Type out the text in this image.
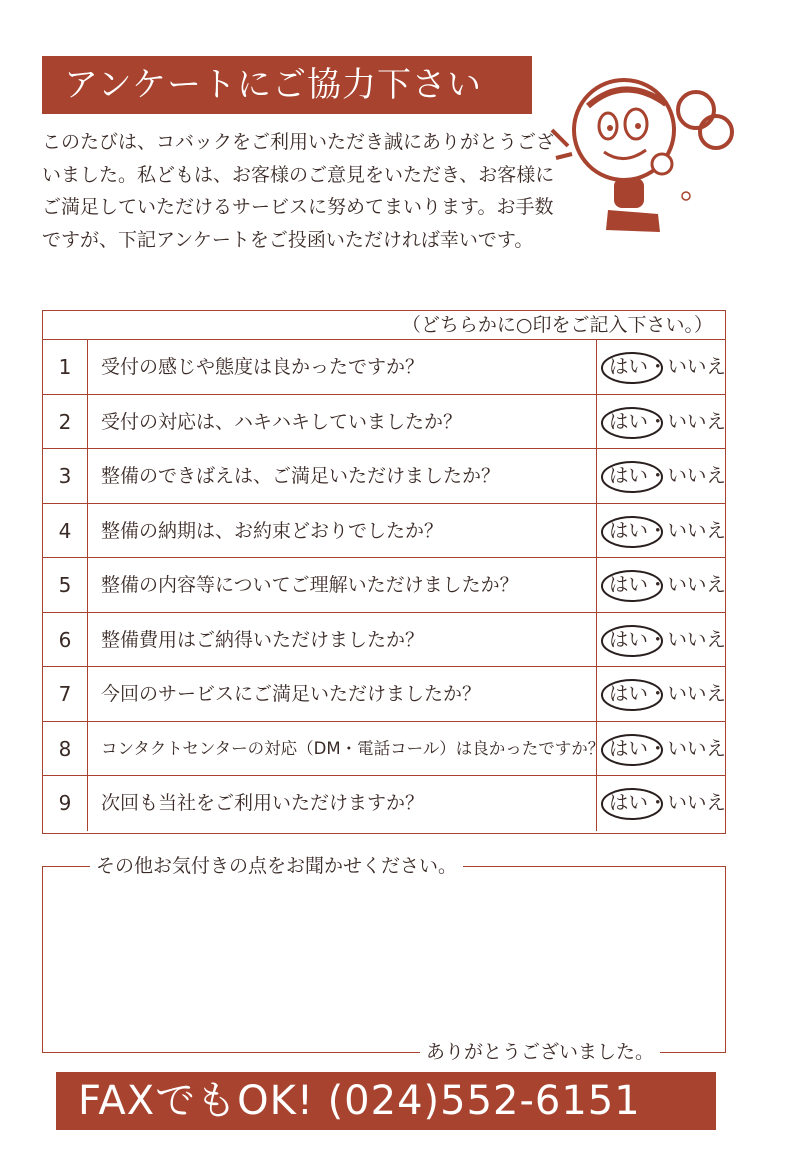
アンケートにご協力下さい

このたびは、コバックをご利用いただき誠にありがとうございました。私どもは、お客様のご意見をいただき、お客様にご満足していただけるサービスに努めてまいります。お手数ですが、下記アンケートをご投函いただければ幸いです。

（どちらかに○印をご記入下さい。）
1	受付の感じや態度は良かったですか？	はい・いいえ
2	受付の対応は、ハキハキしていましたか？	はい・いいえ
3	整備のできばえは、ご満足いただけましたか？	はい・いいえ
4	整備の納期は、お約束どおりでしたか？	はい・いいえ
5	整備の内容等についてご理解いただけましたか？	はい・いいえ
6	整備費用はご納得いただけましたか？	はい・いいえ
7	今回のサービスにご満足いただけましたか？	はい・いいえ
8	コンタクトセンターの対応（DM・電話コール）は良かったですか？ はい・いいえ
9	次回も当社をご利用いただけますか？	はい・いいえ
その他お気付きの点をお聞かせください。
ありがとうございました。
FAXでもOK! (024)552-6151
